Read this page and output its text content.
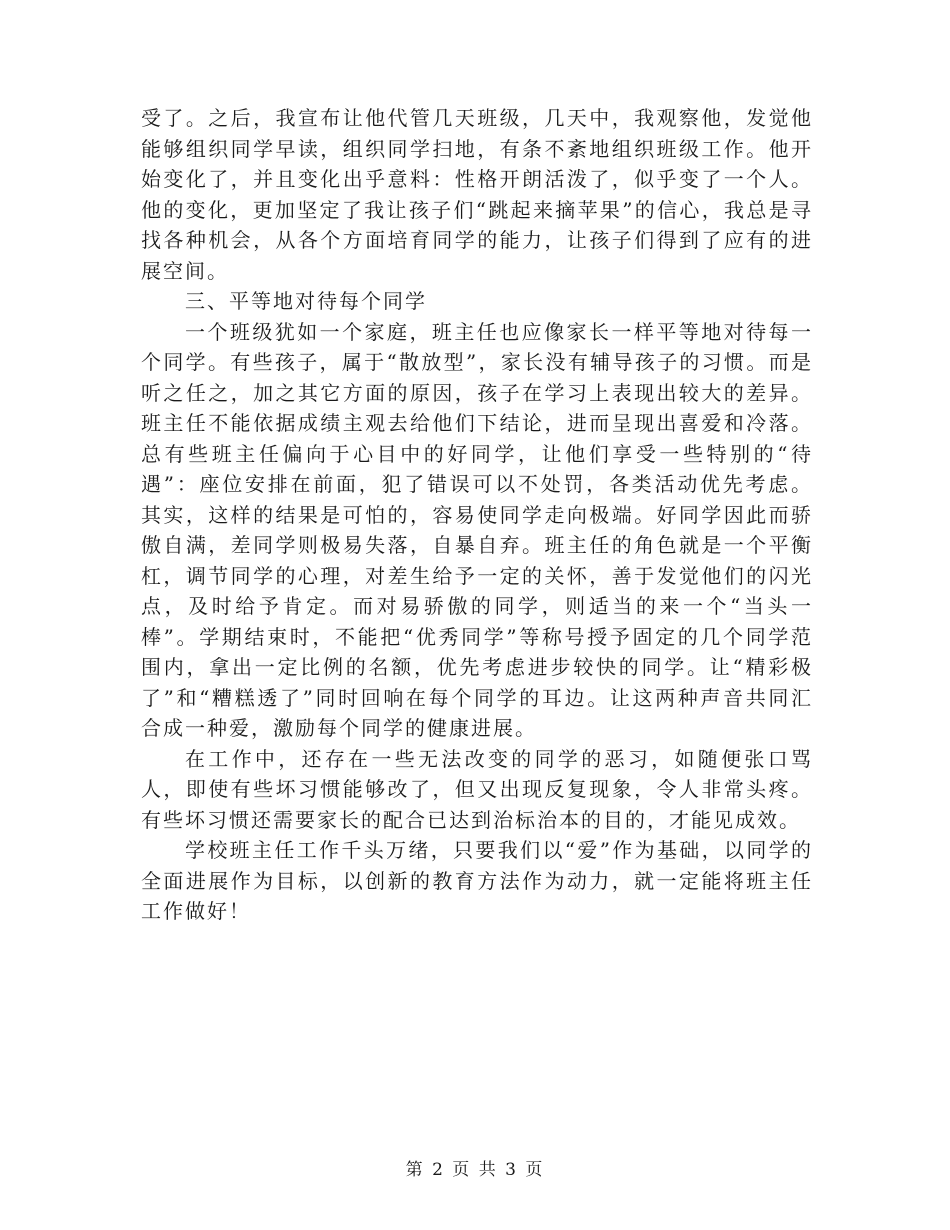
受了。之后，我宣布让他代管几天班级，几天中，我观察他，发觉他能够组织同学早读，组织同学扫地，有条不紊地组织班级工作。他开始变化了，并且变化出乎意料：性格开朗活泼了，似乎变了一个人。他的变化，更加坚定了我让孩子们“跳起来摘苹果”的信心，我总是寻找各种机会，从各个方面培育同学的能力，让孩子们得到了应有的进展空间。

三、平等地对待每个同学

一个班级犹如一个家庭，班主任也应像家长一样平等地对待每一个同学。有些孩子，属于“散放型”，家长没有辅导孩子的习惯。而是听之任之，加之其它方面的原因，孩子在学习上表现出较大的差异。班主任不能依据成绩主观去给他们下结论，进而呈现出喜爱和冷落。总有些班主任偏向于心目中的好同学，让他们享受一些特别的“待遇”：座位安排在前面，犯了错误可以不处罚，各类活动优先考虑。其实，这样的结果是可怕的，容易使同学走向极端。好同学因此而骄傲自满，差同学则极易失落，自暴自弃。班主任的角色就是一个平衡杠，调节同学的心理，对差生给予一定的关怀，善于发觉他们的闪光点，及时给予肯定。而对易骄傲的同学，则适当的来一个“当头一棒”。学期结束时，不能把“优秀同学”等称号授予固定的几个同学范围内，拿出一定比例的名额，优先考虑进步较快的同学。让“精彩极了”和“糟糕透了”同时回响在每个同学的耳边。让这两种声音共同汇合成一种爱，激励每个同学的健康进展。

在工作中，还存在一些无法改变的同学的恶习，如随便张口骂人，即使有些坏习惯能够改了，但又出现反复现象，令人非常头疼。有些坏习惯还需要家长的配合已达到治标治本的目的，才能见成效。

学校班主任工作千头万绪，只要我们以“爱”作为基础，以同学的全面进展作为目标，以创新的教育方法作为动力，就一定能将班主任工作做好！

第 2 页 共 3 页
